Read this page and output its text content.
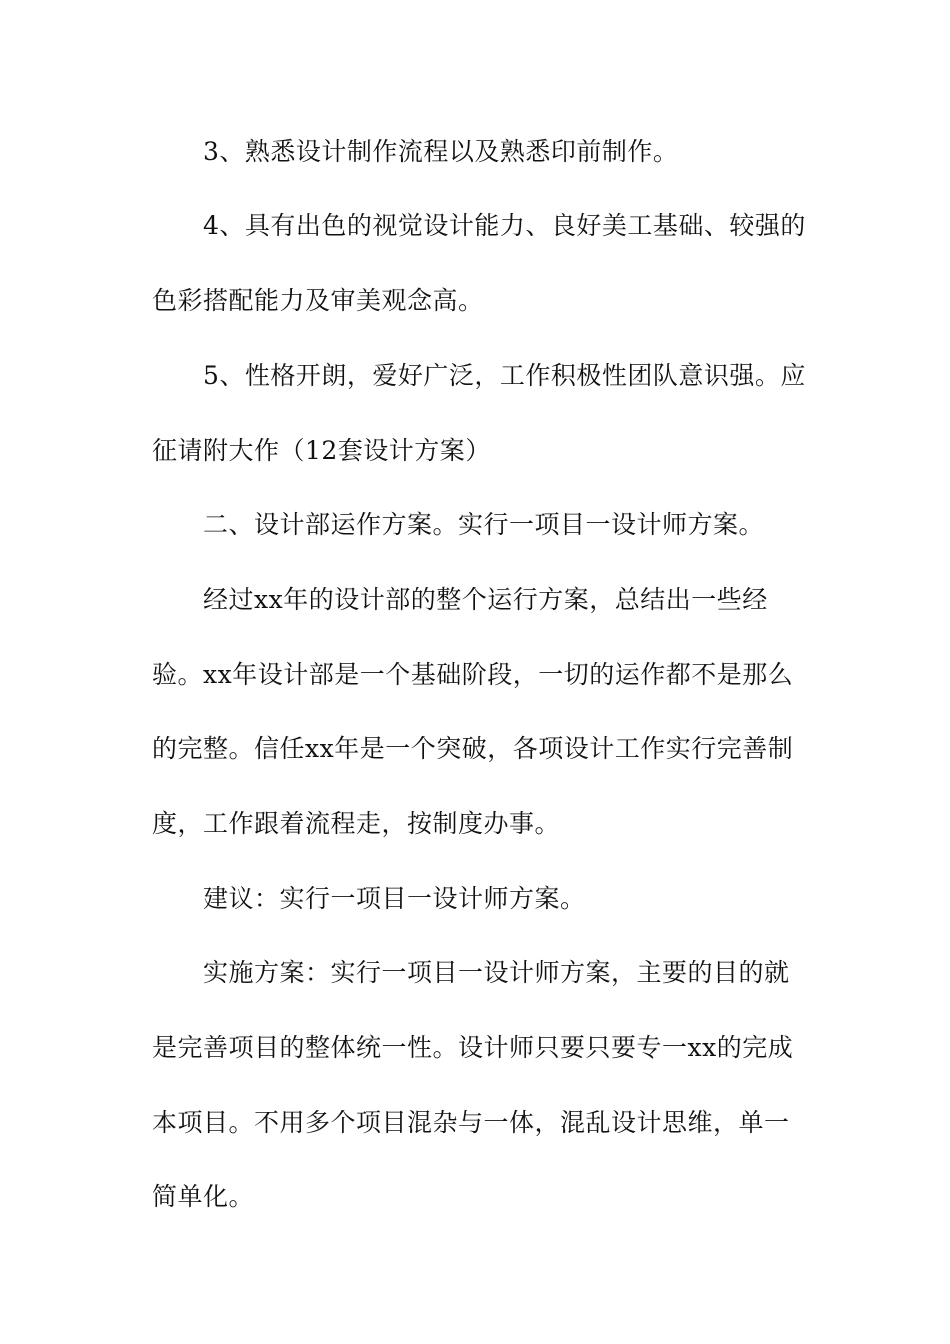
3、熟悉设计制作流程以及熟悉印前制作。
4、具有出色的视觉设计能力、良好美工基础、较强的
色彩搭配能力及审美观念高。
5、性格开朗，爱好广泛，工作积极性团队意识强。应
征请附大作（12套设计方案）
二、设计部运作方案。实行一项目一设计师方案。
经过xx年的设计部的整个运行方案，总结出一些经
验。xx年设计部是一个基础阶段，一切的运作都不是那么
的完整。信任xx年是一个突破，各项设计工作实行完善制
度，工作跟着流程走，按制度办事。
建议：实行一项目一设计师方案。
实施方案：实行一项目一设计师方案，主要的目的就
是完善项目的整体统一性。设计师只要只要专一xx的完成
本项目。不用多个项目混杂与一体，混乱设计思维，单一
简单化。
